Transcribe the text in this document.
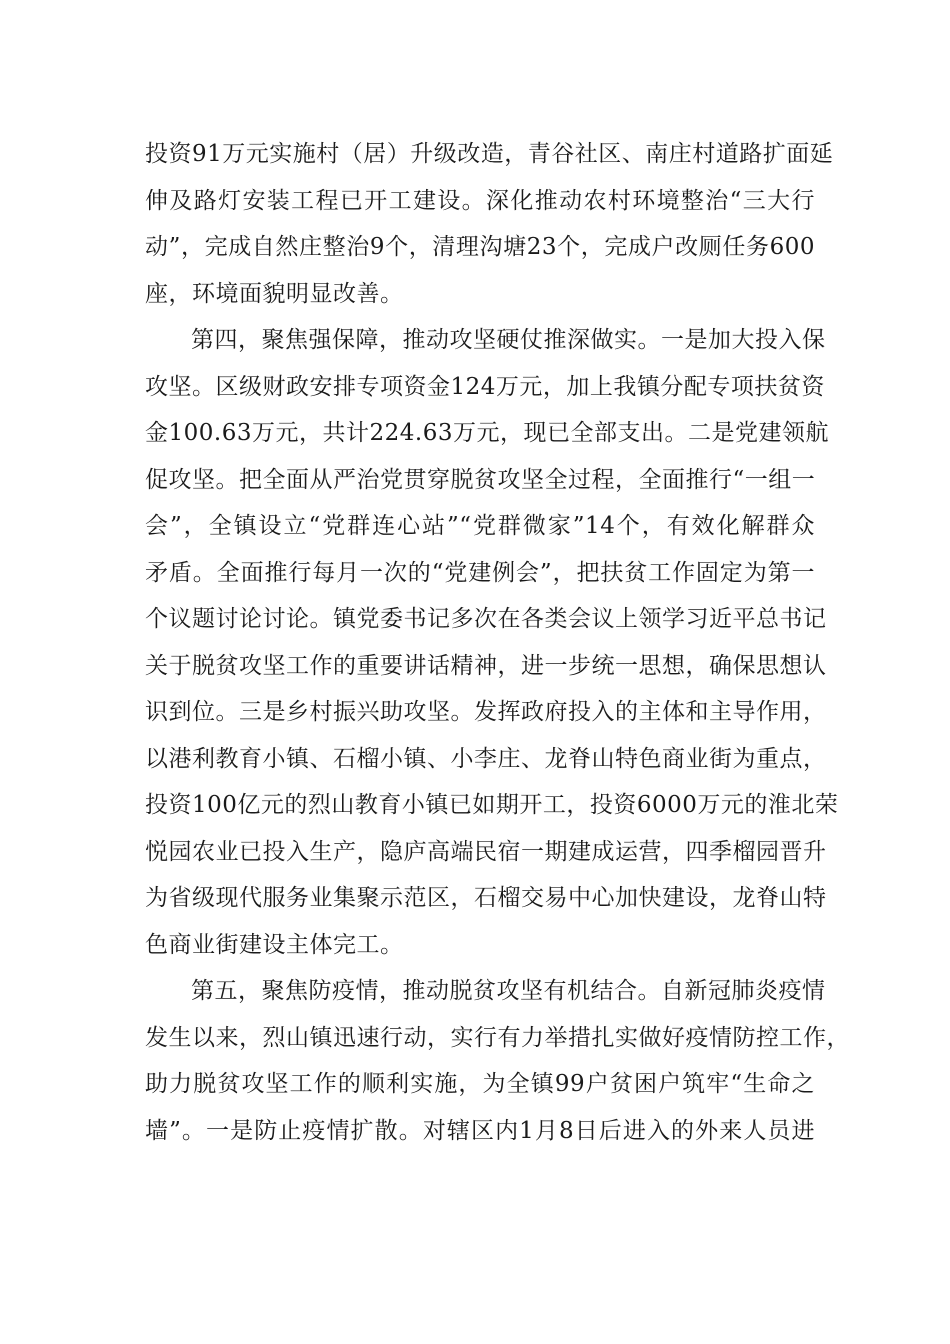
投资91万元实施村（居）升级改造，青谷社区、南庄村道路扩面延
伸及路灯安装工程已开工建设。深化推动农村环境整治“三大行
动”，完成自然庄整治9个，清理沟塘23个，完成户改厕任务600
座，环境面貌明显改善。
第四，聚焦强保障，推动攻坚硬仗推深做实。一是加大投入保
攻坚。区级财政安排专项资金124万元，加上我镇分配专项扶贫资
金100.63万元，共计224.63万元，现已全部支出。二是党建领航
促攻坚。把全面从严治党贯穿脱贫攻坚全过程，全面推行“一组一
会”，全镇设立“党群连心站”“党群微家”14个，有效化解群众
矛盾。全面推行每月一次的“党建例会”，把扶贫工作固定为第一
个议题讨论讨论。镇党委书记多次在各类会议上领学习近平总书记
关于脱贫攻坚工作的重要讲话精神，进一步统一思想，确保思想认
识到位。三是乡村振兴助攻坚。发挥政府投入的主体和主导作用，
以港利教育小镇、石榴小镇、小李庄、龙脊山特色商业街为重点，
投资100亿元的烈山教育小镇已如期开工，投资6000万元的淮北荣
悦园农业已投入生产，隐庐高端民宿一期建成运营，四季榴园晋升
为省级现代服务业集聚示范区，石榴交易中心加快建设，龙脊山特
色商业街建设主体完工。
第五，聚焦防疫情，推动脱贫攻坚有机结合。自新冠肺炎疫情
发生以来，烈山镇迅速行动，实行有力举措扎实做好疫情防控工作，
助力脱贫攻坚工作的顺利实施，为全镇99户贫困户筑牢“生命之
墙”。一是防止疫情扩散。对辖区内1月8日后进入的外来人员进
